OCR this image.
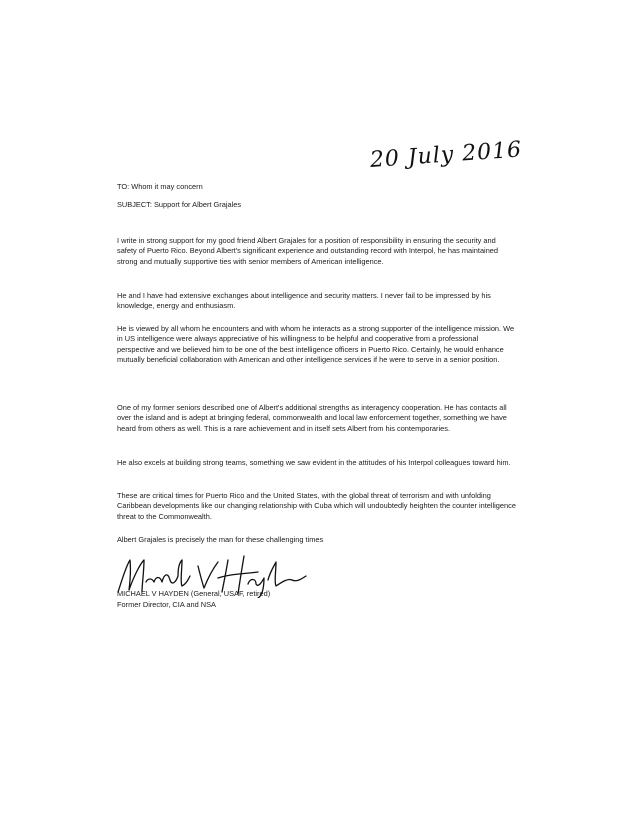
20 July 2016

TO: Whom it may concern

SUBJECT: Support for Albert Grajales

I write in strong support for my good friend Albert Grajales for a position of responsibility in ensuring the security and safety of Puerto Rico. Beyond Albert's significant experience and outstanding record with Interpol, he has maintained strong and mutually supportive ties with senior members of American intelligence.

He and I have had extensive exchanges about intelligence and security matters. I never fail to be impressed by his knowledge, energy and enthusiasm.

He is viewed by all whom he encounters and with whom he interacts as a strong supporter of the intelligence mission. We in US intelligence were always appreciative of his willingness to be helpful and cooperative from a professional perspective and we believed him to be one of the best intelligence officers in Puerto Rico. Certainly, he would enhance mutually beneficial collaboration with American and other intelligence services if he were to serve in a senior position.

One of my former seniors described one of Albert's additional strengths as interagency cooperation. He has contacts all over the island and is adept at bringing federal, commonwealth and local law enforcement together, something we have heard from others as well. This is a rare achievement and in itself sets Albert from his contemporaries.

He also excels at building strong teams, something we saw evident in the attitudes of his Interpol colleagues toward him.

These are critical times for Puerto Rico and the United States, with the global threat of terrorism and with unfolding Caribbean developments like our changing relationship with Cuba which will undoubtedly heighten the counter intelligence threat to the Commonwealth.

Albert Grajales is precisely the man for these challenging times

MICHAEL V HAYDEN (General, USAF, retired)

Former Director, CIA and NSA
